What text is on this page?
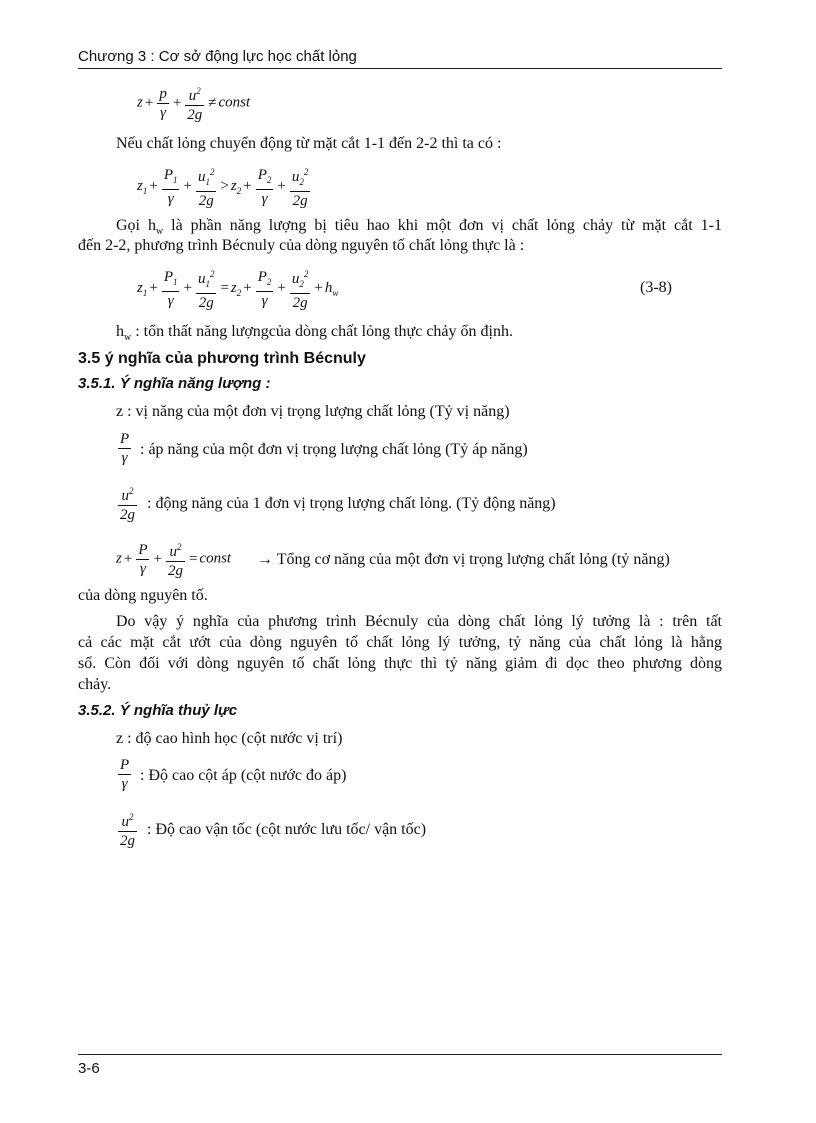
Chương 3 : Cơ sở động lực học chất lỏng
$z + \frac{p}{\gamma} + \frac{u^2}{2g}$ ≠ const
Nếu chất lỏng chuyển động từ mặt cắt 1-1 đến 2-2 thì ta có :
$z_1 + \frac{P_1}{\gamma} + \frac{u_1^2}{2g} > z_2 + \frac{P_2}{\gamma} + \frac{u_2^2}{2g}$
Gọi $h_w$ là phần năng lượng bị tiêu hao khi một đơn vị chất lỏng chảy từ mặt cắt 1-1
đến 2-2, phương trình Bécnuly của dòng nguyên tố chất lỏng thực là :
$z_1 + \frac{P_1}{\gamma} + \frac{u_1^2}{2g} = z_2 + \frac{P_2}{\gamma} + \frac{u_2^2}{2g} + h_w$	(3-8)
$h_w$ : tổn thất năng lượngcủa dòng chất lỏng thực chảy ổn định.
3.5 ý nghĩa của phương trình Bécnuly
3.5.1. Ý nghĩa năng lượng :
z : vị năng của một đơn vị trọng lượng chất lỏng (Tỷ vị năng)
$\frac{P}{\gamma}$ : áp năng của một đơn vị trọng lượng chất lỏng (Tỷ áp năng)
$\frac{u^2}{2g}$ : động năng của 1 đơn vị trọng lượng chất lỏng. (Tỷ động năng)
$z + \frac{P}{\gamma} + \frac{u^2}{2g}$ = const → Tổng cơ năng của một đơn vị trọng lượng chất lỏng (tỷ năng)
của dòng nguyên tố.
Do vậy ý nghĩa của phương trình Bécnuly của dòng chất lỏng lý tưởng là : trên tất
cả các mặt cắt ướt của dòng nguyên tố chất lỏng lý tưởng, tỷ năng của chất lỏng là hằng
số. Còn đối với dòng nguyên tố chất lỏng thực thì tỷ năng giảm đi dọc theo phương dòng
chảy.
3.5.2. Ý nghĩa thuỷ lực
z : độ cao hình học (cột nước vị trí)
$\frac{P}{\gamma}$ : Độ cao cột áp (cột nước đo áp)
$\frac{u^2}{2g}$ : Độ cao vận tốc (cột nước lưu tốc/ vận tốc)
3-6
